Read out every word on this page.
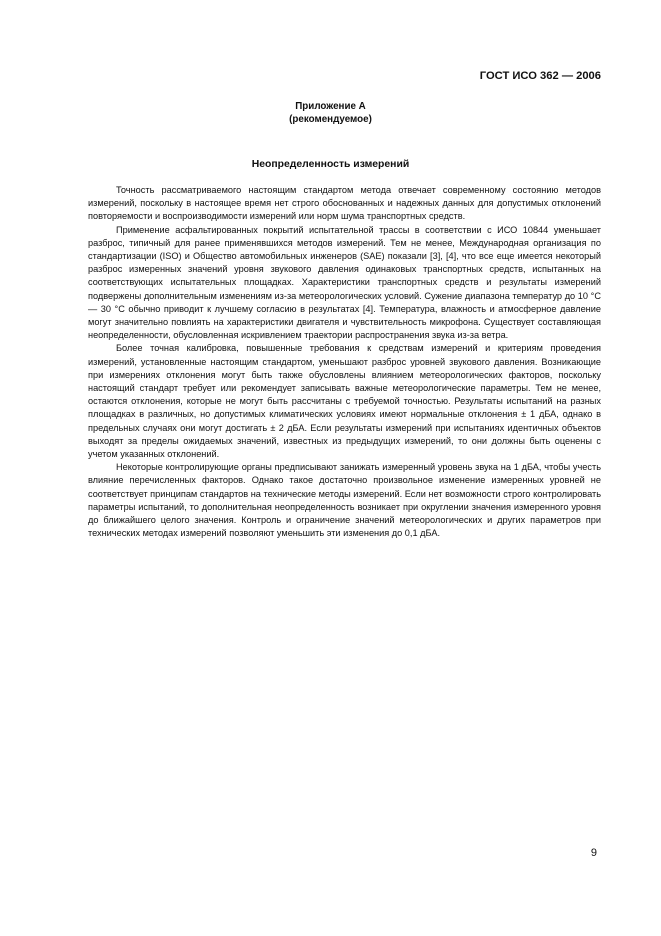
ГОСТ ИСО 362 — 2006
Приложение А
(рекомендуемое)
Неопределенность измерений

Точность рассматриваемого настоящим стандартом метода отвечает современному состоянию методов измерений, поскольку в настоящее время нет строго обоснованных и надежных данных для допустимых отклонений повторяемости и воспроизводимости измерений или норм шума транспортных средств.

Применение асфальтированных покрытий испытательной трассы в соответствии с ИСО 10844 уменьшает разброс, типичный для ранее применявшихся методов измерений. Тем не менее, Международная организация по стандартизации (ISO) и Общество автомобильных инженеров (SAE) показали [3], [4], что все еще имеется некоторый разброс измеренных значений уровня звукового давления одинаковых транспортных средств, испытанных на соответствующих испытательных площадках. Характеристики транспортных средств и результаты измерений подвержены дополнительным изменениям из-за метеорологических условий. Сужение диапазона температур до 10 °С — 30 °С обычно приводит к лучшему согласию в результатах [4]. Температура, влажность и атмосферное давление могут значительно повлиять на характеристики двигателя и чувствительность микрофона. Существует составляющая неопределенности, обусловленная искривлением траектории распространения звука из-за ветра.

Более точная калибровка, повышенные требования к средствам измерений и критериям проведения измерений, установленные настоящим стандартом, уменьшают разброс уровней звукового давления. Возникающие при измерениях отклонения могут быть также обусловлены влиянием метеорологических факторов, поскольку настоящий стандарт требует или рекомендует записывать важные метеорологические параметры. Тем не менее, остаются отклонения, которые не могут быть рассчитаны с требуемой точностью. Результаты испытаний на разных площадках в различных, но допустимых климатических условиях имеют нормальные отклонения ± 1 дБА, однако в предельных случаях они могут достигать ± 2 дБА. Если результаты измерений при испытаниях идентичных объектов выходят за пределы ожидаемых значений, известных из предыдущих измерений, то они должны быть оценены с учетом указанных отклонений.

Некоторые контролирующие органы предписывают занижать измеренный уровень звука на 1 дБА, чтобы учесть влияние перечисленных факторов. Однако такое достаточно произвольное изменение измеренных уровней не соответствует принципам стандартов на технические методы измерений. Если нет возможности строго контролировать параметры испытаний, то дополнительная неопределенность возникает при округлении значения измеренного уровня до ближайшего целого значения. Контроль и ограничение значений метеорологических и других параметров при технических методах измерений позволяют уменьшить эти изменения до 0,1 дБА.

9
